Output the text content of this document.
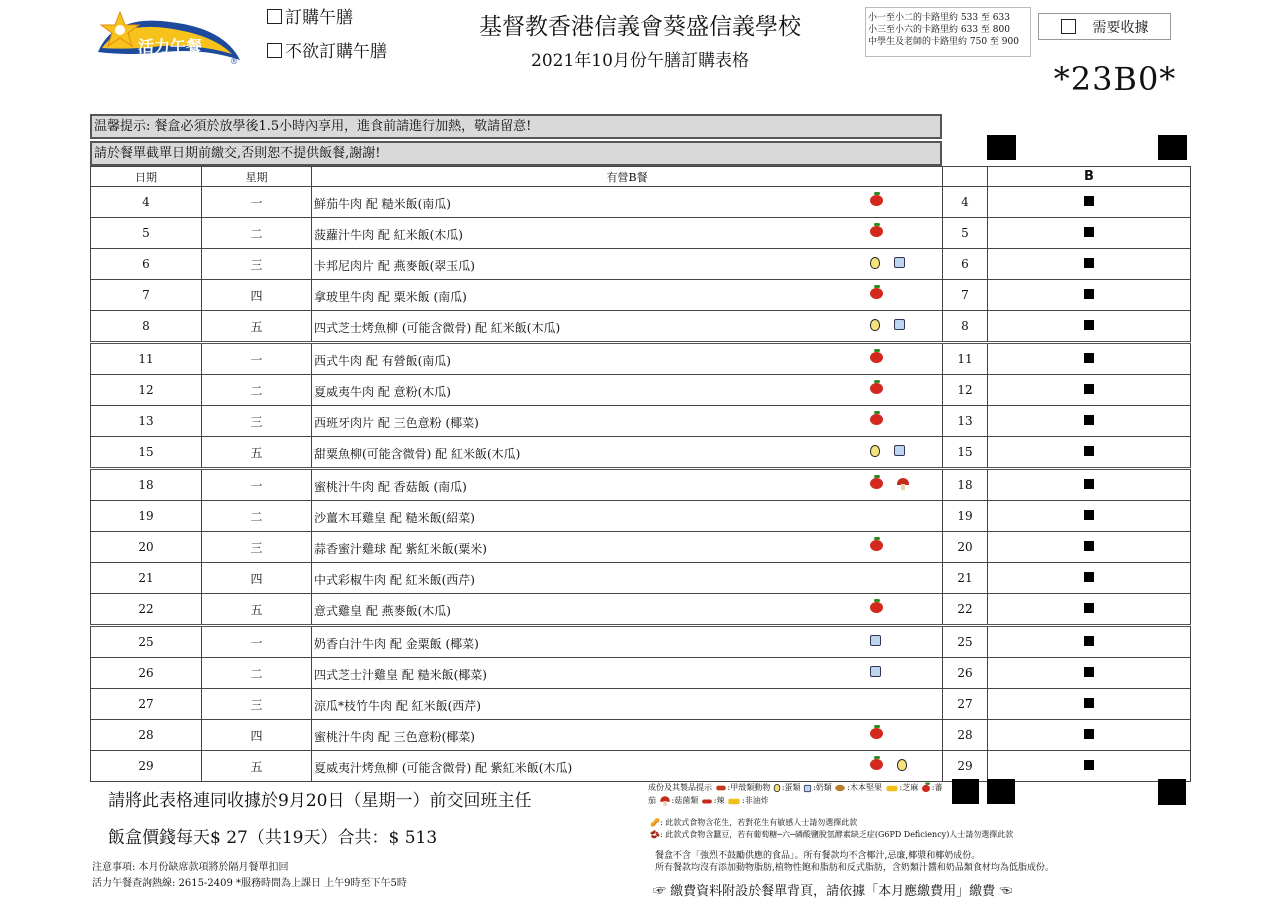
活力午餐
®
訂購午膳
不欲訂購午膳
基督教香港信義會葵盛信義學校
2021年10月份午膳訂購表格
小一至小二的卡路里約 533 至 633
小三至小六的卡路里約 633 至 800
中學生及老師的卡路里約 750 至 900
需要收據
*23B0*
温馨提示: 餐盒必須於放學後1.5小時內享用，進食前請進行加熱，敬請留意!
請於餐單截單日期前繳交,否則恕不提供飯餐,謝謝!
日期	星期	有營B餐		B
4	一	鮮茄牛肉 配 糙米飯(南瓜)	4	
5	二	菠蘿汁牛肉 配 紅米飯(木瓜)	5	
6	三	卡邦尼肉片 配 燕麥飯(翠玉瓜)	6	
7	四	拿玻里牛肉 配 粟米飯 (南瓜)	7	
8	五	四式芝士烤魚柳 (可能含微骨) 配 紅米飯(木瓜)	8	
11	一	西式牛肉 配 有營飯(南瓜)	11	
12	二	夏威夷牛肉 配 意粉(木瓜)	12	
13	三	西班牙肉片 配 三色意粉 (椰菜)	13	
15	五	甜粟魚柳(可能含微骨) 配 紅米飯(木瓜)	15	
18	一	蜜桃汁牛肉 配 香菇飯 (南瓜)	18	
19	二	沙薑木耳雞皇 配 糙米飯(紹菜)	19	
20	三	蒜香蜜汁雞球 配 紫紅米飯(粟米)	20	
21	四	中式彩椒牛肉 配 紅米飯(西芹)	21	
22	五	意式雞皇 配 燕麥飯(木瓜)	22	
25	一	奶香白汁牛肉 配 金粟飯 (椰菜)	25	
26	二	四式芝士汁雞皇 配 糙米飯(椰菜)	26	
27	三	涼瓜*枝竹牛肉 配 紅米飯(西芹)	27	
28	四	蜜桃汁牛肉 配 三色意粉(椰菜)	28	
29	五	夏威夷汁烤魚柳 (可能含微骨) 配 紫紅米飯(木瓜)	29	
請將此表格連同收據於9月20日（星期一）前交回班主任
飯盒價錢每天$ 27（共19天）合共：$ 513
注意事項: 本月份缺席款項將於隔月餐單扣回
活力午餐查詢熱線: 2615-2409 *服務時間為上課日 上午9時至下午5時
成份及其製品提示 :甲殼類動物 :蛋類 :奶類 :木本堅果 :芝麻 :蕃茄 :菇菌類 :辣 :非油炸
🥜: 此款式食物含花生，若對花生有敏感人士請勿選擇此款
🫘: 此款式食物含蠶豆，若有葡萄糖─六─磷酸鹽脫氫酵素缺乏症(G6PD Deficiency)人士請勿選擇此款
餐盒不含「強烈不鼓勵供應的食品」。所有餐款均不含椰汁,忌廉,椰漿和椰奶成份。
所有餐款均沒有添加動物脂肪,植物性飽和脂肪和反式脂肪，含奶類汁醬和奶品類食材均為低脂成份。
☞ 繳費資料附設於餐單背頁，請依據「本月應繳費用」繳費 ☜
